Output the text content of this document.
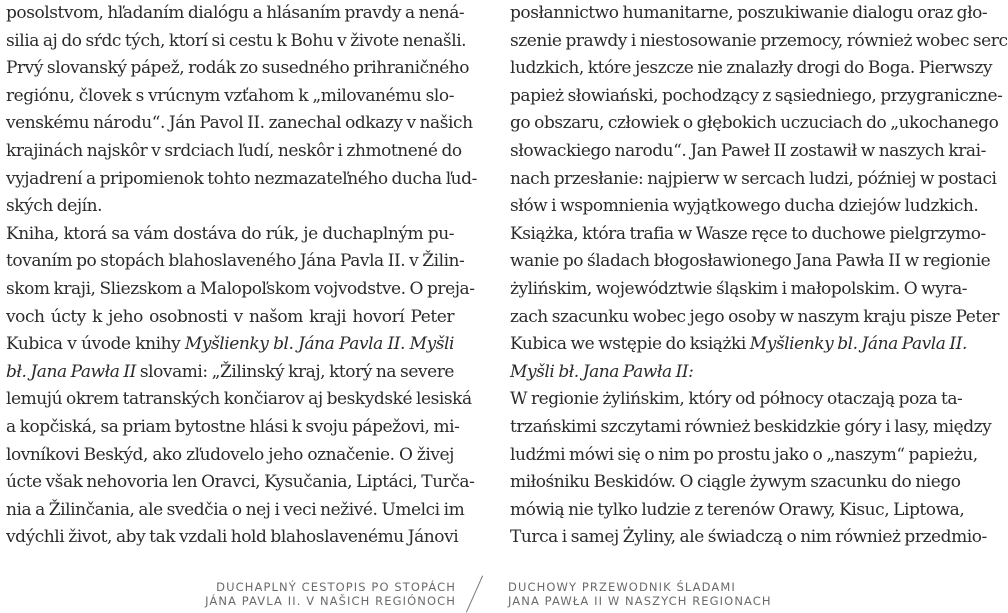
posolstvom, hľadaním dialógu a hlásaním pravdy a nená-
silia aj do sŕdc tých, ktorí si cestu k Bohu v živote nenašli.
Prvý slovanský pápež, rodák zo susedného prihraničného
regiónu, človek s vrúcnym vzťahom k „milovanému slo-
venskému národu“. Ján Pavol II. zanechal odkazy v našich
krajinách najskôr v srdciach ľudí, neskôr i zhmotnené do
vyjadrení a pripomienok tohto nezmazateľného ducha ľud-
ských dejín.
Kniha, ktorá sa vám dostáva do rúk, je duchaplným pu-
tovaním po stopách blahoslaveného Jána Pavla II. v Žilin-
skom kraji, Sliezskom a Malopoľskom vojvodstve. O preja-
voch úcty k jeho osobnosti v našom kraji hovorí Peter
Kubica v úvode knihy Myšlienky bl. Jána Pavla II. Myšli
bł. Jana Pawła II slovami: „Žilinský kraj, ktorý na severe
lemujú okrem tatranských končiarov aj beskydské lesiská
a kopčiská, sa priam bytostne hlási k svoju pápežovi, mi-
lovníkovi Beskýd, ako zľudovelo jeho označenie. O živej
úcte však nehovoria len Oravci, Kysučania, Liptáci, Turča-
nia a Žilinčania, ale svedčia o nej i veci neživé. Umelci im
vdýchli život, aby tak vzdali hold blahoslavenému Jánovi
posłannictwo humanitarne, poszukiwanie dialogu oraz gło-
szenie prawdy i niestosowanie przemocy, również wobec serc
ludzkich, które jeszcze nie znalazły drogi do Boga. Pierwszy
papież słowiański, pochodzący z sąsiedniego, przygraniczne-
go obszaru, człowiek o głębokich uczuciach do „ukochanego
słowackiego narodu“. Jan Paweł II zostawił w naszych krai-
nach przesłanie: najpierw w sercach ludzi, później w postaci
słów i wspomnienia wyjątkowego ducha dziejów ludzkich.
Książka, która trafia w Wasze ręce to duchowe pielgrzymo-
wanie po śladach błogosławionego Jana Pawła II w regionie
żylińskim, województwie śląskim i małopolskim. O wyra-
zach szacunku wobec jego osoby w naszym kraju pisze Peter
Kubica we wstępie do książki Myšlienky bl. Jána Pavla II.
Myšli bł. Jana Pawła II:
W regionie żylińskim, który od północy otaczają poza ta-
trzańskimi szczytami również beskidzkie góry i lasy, między
ludźmi mówi się o nim po prostu jako o „naszym“ papieżu,
miłośniku Beskidów. O ciągle żywym szacunku do niego
mówią nie tylko ludzie z terenów Orawy, Kisuc, Liptowa,
Turca i samej Żyliny, ale świadczą o nim również przedmio-
DUCHAPLNÝ CESTOPIS PO STOPÁCH
JÁNA PAVLA II. V NAŠICH REGIÓNOCH
DUCHOWY PRZEWODNIK ŚLADAMI
JANA PAWŁA II W NASZYCH REGIONACH
